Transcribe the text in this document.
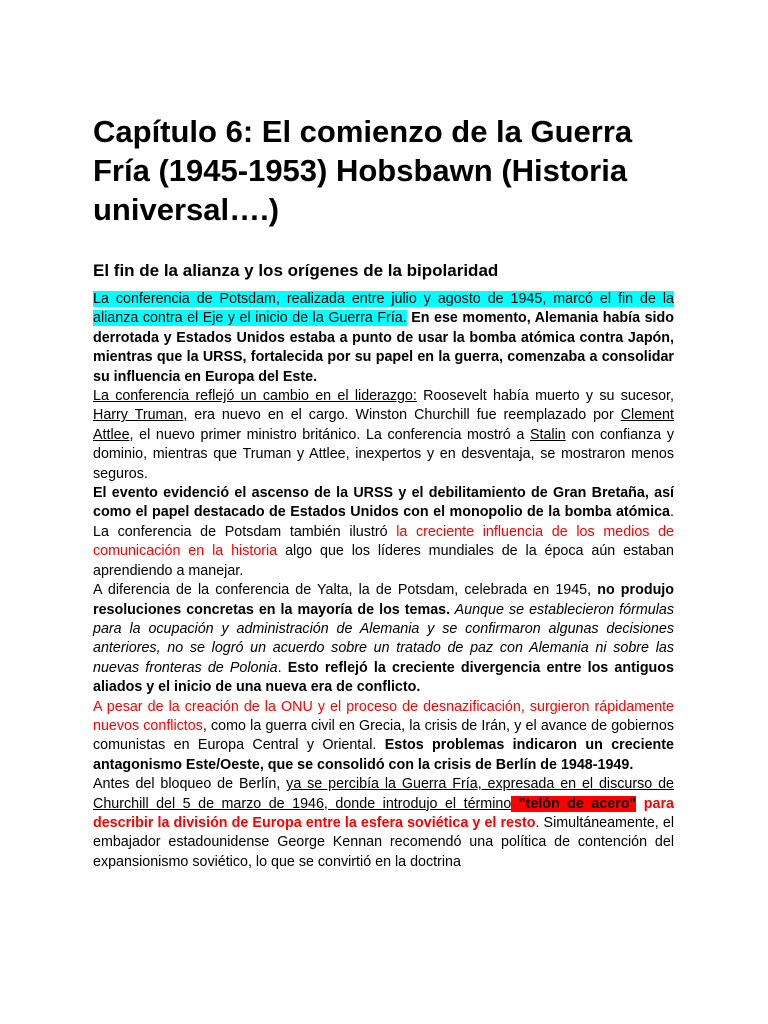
Capítulo 6: El comienzo de la Guerra Fría (1945-1953) Hobsbawn (Historia universal….)
El fin de la alianza y los orígenes de la bipolaridad

La conferencia de Potsdam, realizada entre julio y agosto de 1945, marcó el fin de la alianza contra el Eje y el inicio de la Guerra Fría. En ese momento, Alemania había sido derrotada y Estados Unidos estaba a punto de usar la bomba atómica contra Japón, mientras que la URSS, fortalecida por su papel en la guerra, comenzaba a consolidar su influencia en Europa del Este.

La conferencia reflejó un cambio en el liderazgo: Roosevelt había muerto y su sucesor, Harry Truman, era nuevo en el cargo. Winston Churchill fue reemplazado por Clement Attlee, el nuevo primer ministro británico. La conferencia mostró a Stalin con confianza y dominio, mientras que Truman y Attlee, inexpertos y en desventaja, se mostraron menos seguros.

El evento evidenció el ascenso de la URSS y el debilitamiento de Gran Bretaña, así como el papel destacado de Estados Unidos con el monopolio de la bomba atómica. La conferencia de Potsdam también ilustró la creciente influencia de los medios de comunicación en la historia algo que los líderes mundiales de la época aún estaban aprendiendo a manejar.

A diferencia de la conferencia de Yalta, la de Potsdam, celebrada en 1945, no produjo resoluciones concretas en la mayoría de los temas. Aunque se establecieron fórmulas para la ocupación y administración de Alemania y se confirmaron algunas decisiones anteriores, no se logró un acuerdo sobre un tratado de paz con Alemania ni sobre las nuevas fronteras de Polonia. Esto reflejó la creciente divergencia entre los antiguos aliados y el inicio de una nueva era de conflicto.

A pesar de la creación de la ONU y el proceso de desnazificación, surgieron rápidamente nuevos conflictos, como la guerra civil en Grecia, la crisis de Irán, y el avance de gobiernos comunistas en Europa Central y Oriental. Estos problemas indicaron un creciente antagonismo Este/Oeste, que se consolidó con la crisis de Berlín de 1948-1949.

Antes del bloqueo de Berlín, ya se percibía la Guerra Fría, expresada en el discurso de Churchill del 5 de marzo de 1946, donde introdujo el término "telón de acero" para describir la división de Europa entre la esfera soviética y el resto. Simultáneamente, el embajador estadounidense George Kennan recomendó una política de contención del expansionismo soviético, lo que se convirtió en la doctrina
